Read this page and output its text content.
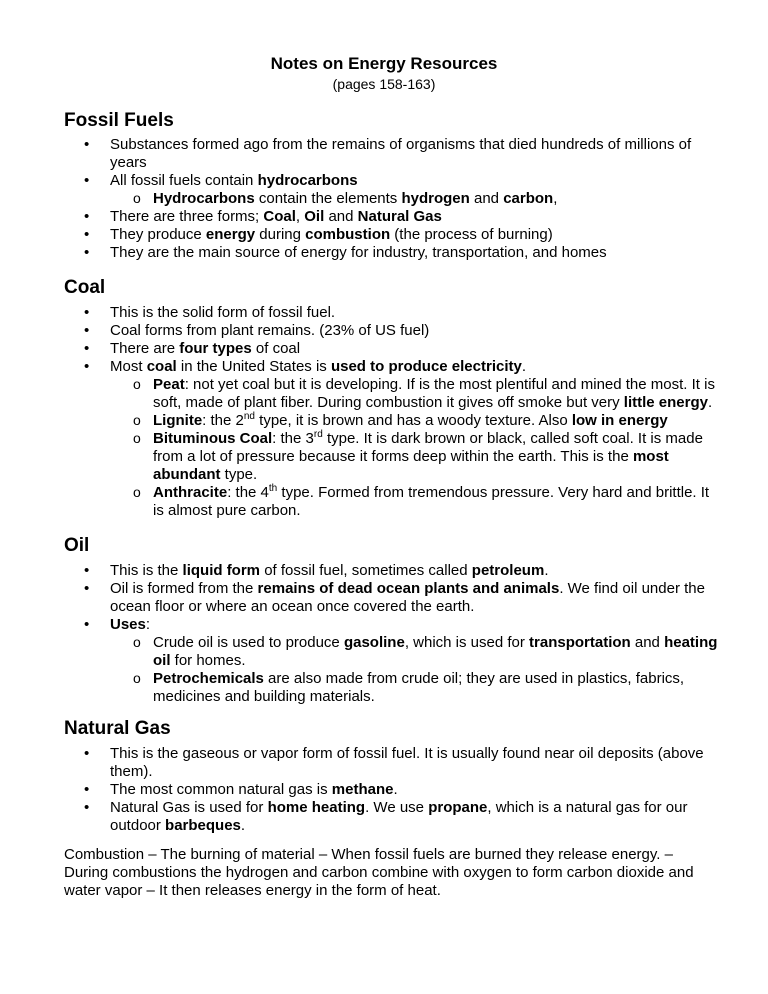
Notes on Energy Resources
(pages 158-163)
Fossil Fuels
• Substances formed ago from the remains of organisms that died hundreds of millions of years
• All fossil fuels contain hydrocarbons
o Hydrocarbons contain the elements hydrogen and carbon,
• There are three forms; Coal, Oil and Natural Gas
• They produce energy during combustion (the process of burning)
• They are the main source of energy for industry, transportation, and homes
Coal
• This is the solid form of fossil fuel.
• Coal forms from plant remains. (23% of US fuel)
• There are four types of coal
• Most coal in the United States is used to produce electricity.
o Peat: not yet coal but it is developing. If is the most plentiful and mined the most. It is soft, made of plant fiber. During combustion it gives off smoke but very little energy.
o Lignite: the 2nd type, it is brown and has a woody texture. Also low in energy
o Bituminous Coal: the 3rd type. It is dark brown or black, called soft coal. It is made from a lot of pressure because it forms deep within the earth. This is the most abundant type.
o Anthracite: the 4th type. Formed from tremendous pressure. Very hard and brittle. It is almost pure carbon.
Oil
• This is the liquid form of fossil fuel, sometimes called petroleum.
• Oil is formed from the remains of dead ocean plants and animals. We find oil under the ocean floor or where an ocean once covered the earth.
• Uses:
o Crude oil is used to produce gasoline, which is used for transportation and heating oil for homes.
o Petrochemicals are also made from crude oil; they are used in plastics, fabrics, medicines and building materials.
Natural Gas
• This is the gaseous or vapor form of fossil fuel. It is usually found near oil deposits (above them).
• The most common natural gas is methane.
• Natural Gas is used for home heating. We use propane, which is a natural gas for our outdoor barbeques.
Combustion – The burning of material – When fossil fuels are burned they release energy. – During combustions the hydrogen and carbon combine with oxygen to form carbon dioxide and water vapor – It then releases energy in the form of heat.
